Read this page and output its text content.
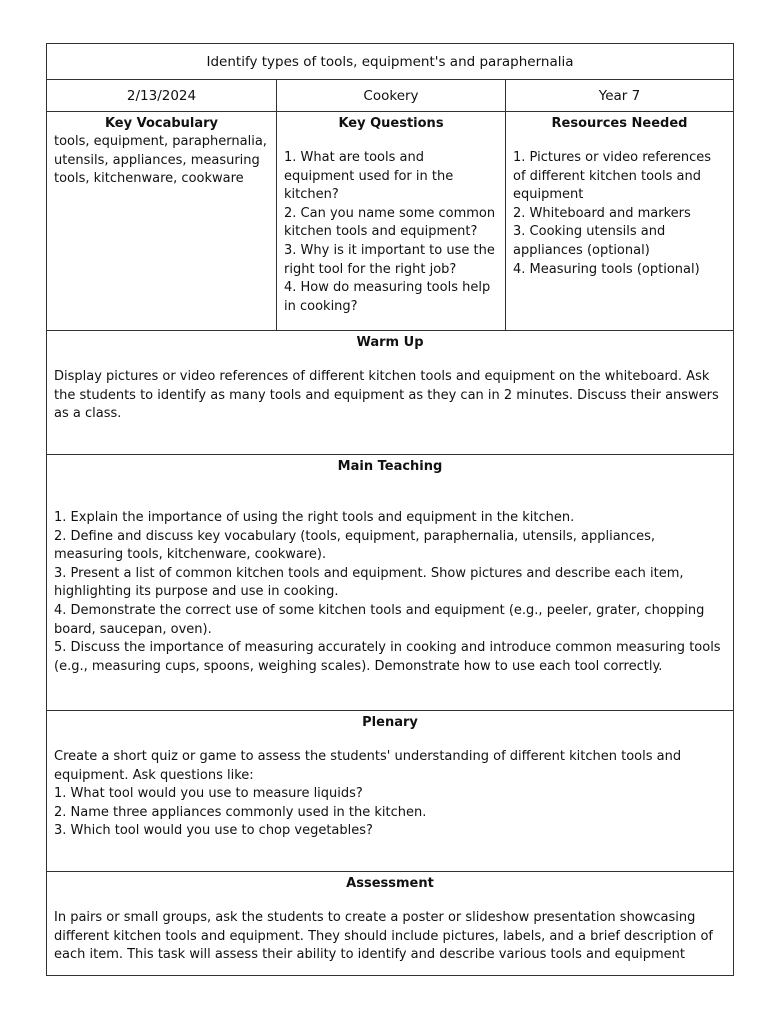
Identify types of tools, equipment's and paraphernalia
2/13/2024	Cookery	Year 7
Key Vocabulary
tools, equipment, paraphernalia, utensils, appliances, measuring tools, kitchenware, cookware
Key Questions
1. What are tools and equipment used for in the kitchen?
2. Can you name some common kitchen tools and equipment?
3. Why is it important to use the right tool for the right job?
4. How do measuring tools help in cooking?
Resources Needed
1. Pictures or video references of different kitchen tools and equipment
2. Whiteboard and markers
3. Cooking utensils and appliances (optional)
4. Measuring tools (optional)
Warm Up

Display pictures or video references of different kitchen tools and equipment on the whiteboard. Ask the students to identify as many tools and equipment as they can in 2 minutes. Discuss their answers as a class.

Main Teaching
1. Explain the importance of using the right tools and equipment in the kitchen.
2. Define and discuss key vocabulary (tools, equipment, paraphernalia, utensils, appliances, measuring tools, kitchenware, cookware).
3. Present a list of common kitchen tools and equipment. Show pictures and describe each item, highlighting its purpose and use in cooking.
4. Demonstrate the correct use of some kitchen tools and equipment (e.g., peeler, grater, chopping board, saucepan, oven).
5. Discuss the importance of measuring accurately in cooking and introduce common measuring tools (e.g., measuring cups, spoons, weighing scales). Demonstrate how to use each tool correctly.
Plenary

Create a short quiz or game to assess the students' understanding of different kitchen tools and equipment. Ask questions like:

1. What tool would you use to measure liquids?
2. Name three appliances commonly used in the kitchen.
3. Which tool would you use to chop vegetables?
Assessment

In pairs or small groups, ask the students to create a poster or slideshow presentation showcasing different kitchen tools and equipment. They should include pictures, labels, and a brief description of each item. This task will assess their ability to identify and describe various tools and equipment
